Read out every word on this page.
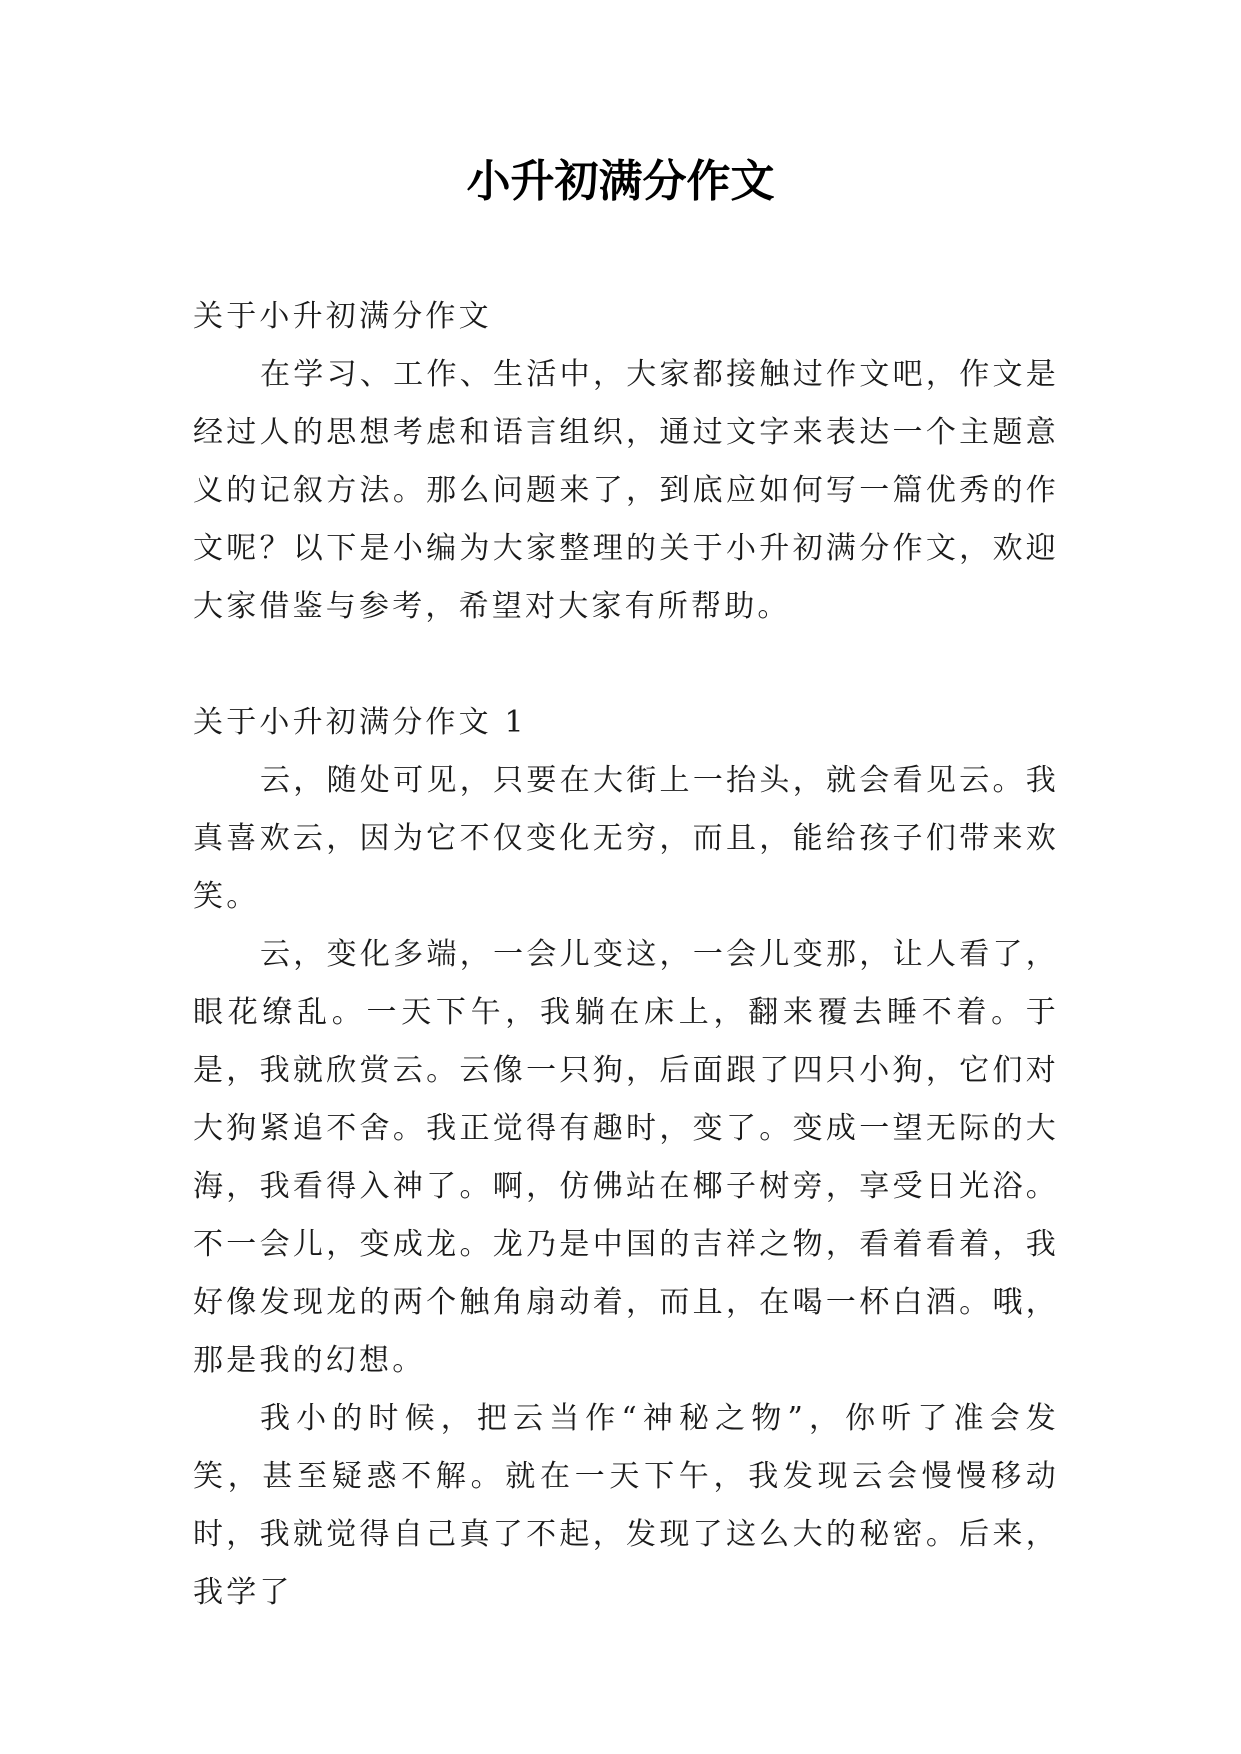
小升初满分作文

关于小升初满分作文

在学习、工作、生活中，大家都接触过作文吧，作文是经过人的思想考虑和语言组织，通过文字来表达一个主题意义的记叙方法。那么问题来了，到底应如何写一篇优秀的作文呢？以下是小编为大家整理的关于小升初满分作文，欢迎大家借鉴与参考，希望对大家有所帮助。

关于小升初满分作文 1

云，随处可见，只要在大街上一抬头，就会看见云。我真喜欢云，因为它不仅变化无穷，而且，能给孩子们带来欢笑。

云，变化多端，一会儿变这，一会儿变那，让人看了，眼花缭乱。一天下午，我躺在床上，翻来覆去睡不着。于是，我就欣赏云。云像一只狗，后面跟了四只小狗，它们对大狗紧追不舍。我正觉得有趣时，变了。变成一望无际的大海，我看得入神了。啊，仿佛站在椰子树旁，享受日光浴。不一会儿，变成龙。龙乃是中国的吉祥之物，看着看着，我好像发现龙的两个触角扇动着，而且，在喝一杯白酒。哦，那是我的幻想。

我小的时候，把云当作“神秘之物”，你听了准会发笑，甚至疑惑不解。就在一天下午，我发现云会慢慢移动时，我就觉得自己真了不起，发现了这么大的秘密。后来，我学了
